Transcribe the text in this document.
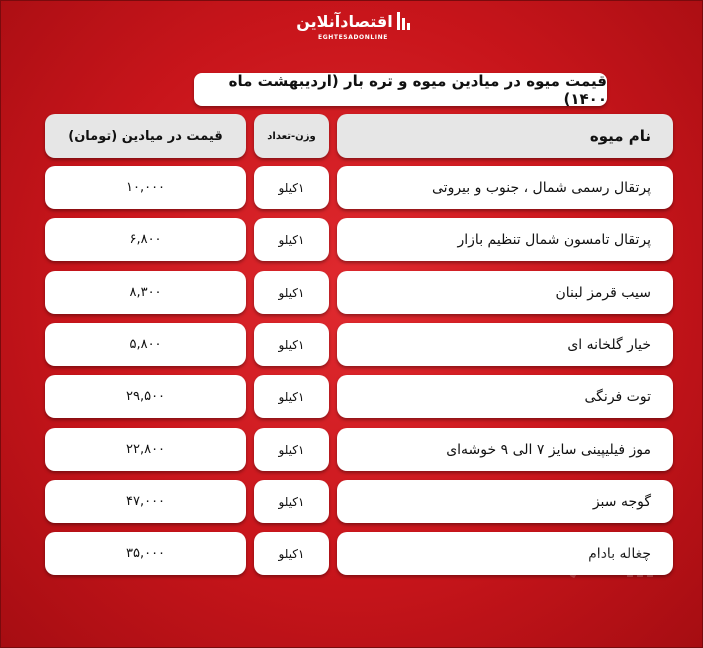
اقتصادآنلاین
EGHTESADONLINE
قیمت میوه در میادین میوه و تره بار (اردیبهشت ماه ۱۴۰۰)
نام میوه
وزن-تعداد
قیمت در میادین (تومان)
پرتقال رسمی شمال ، جنوب و بیروتی
۱کیلو
۱۰,۰۰۰
پرتقال تامسون شمال تنظیم بازار
۱کیلو
۶,۸۰۰
سیب قرمز لبنان
۱کیلو
۸,۳۰۰
خیار گلخانه ای
۱کیلو
۵,۸۰۰
توت فرنگی
۱کیلو
۲۹,۵۰۰
موز فیلیپینی سایز ۷ الی ۹ خوشه‌ای
۱کیلو
۲۲,۸۰۰
گوجه سبز
۱کیلو
۴۷,۰۰۰
چغاله بادام
۱کیلو
۳۵,۰۰۰
